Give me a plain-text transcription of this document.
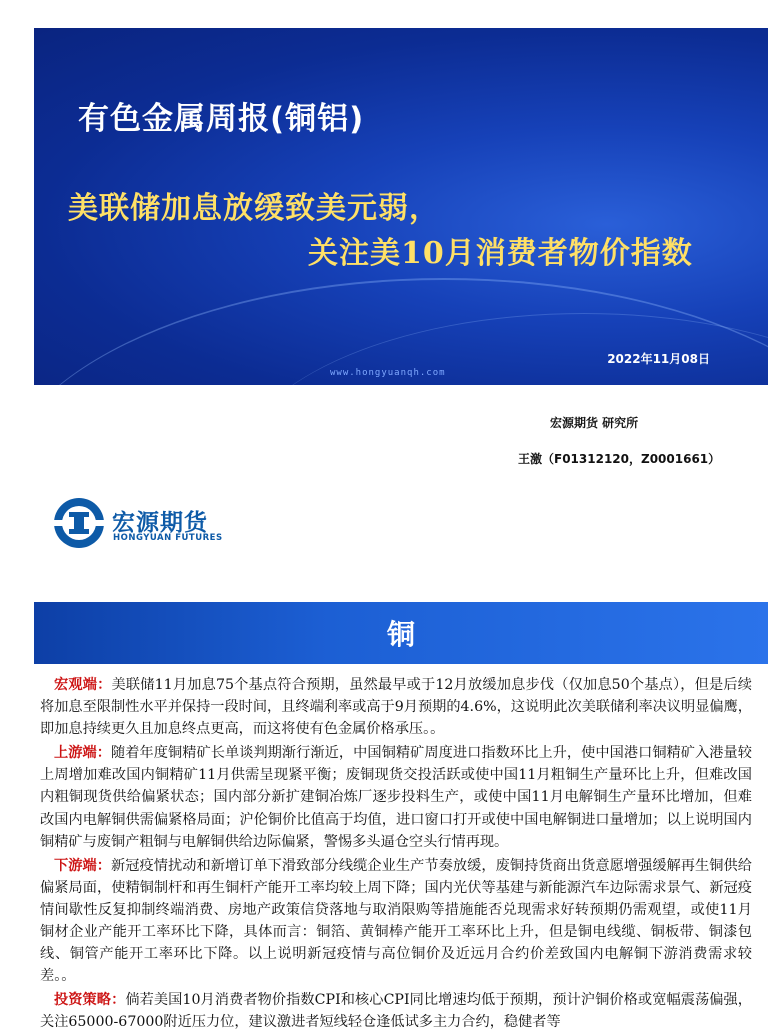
有色金属周报(铜铝)
美联储加息放缓致美元弱，
关注美10月消费者物价指数
2022年11月08日
www.hongyuanqh.com
宏源期货 研究所
王激（F01312120，Z0001661）
宏源期货
HONGYUAN FUTURES
铜

宏观端：美联储11月加息75个基点符合预期，虽然最早或于12月放缓加息步伐（仅加息50个基点），但是后续将加息至限制性水平并保持一段时间，且终端利率或高于9月预期的4.6%，这说明此次美联储利率决议明显偏鹰，即加息持续更久且加息终点更高，而这将使有色金属价格承压。。

上游端：随着年度铜精矿长单谈判期渐行渐近，中国铜精矿周度进口指数环比上升，使中国港口铜精矿入港量较上周增加难改国内铜精矿11月供需呈现紧平衡；废铜现货交投活跃或使中国11月粗铜生产量环比上升，但难改国内粗铜现货供给偏紧状态；国内部分新扩建铜冶炼厂逐步投料生产，或使中国11月电解铜生产量环比增加，但难改国内电解铜供需偏紧格局面；沪伦铜价比值高于均值，进口窗口打开或使中国电解铜进口量增加；以上说明国内铜精矿与废铜产粗铜与电解铜供给边际偏紧，警惕多头逼仓空头行情再现。

下游端：新冠疫情扰动和新增订单下滑致部分线缆企业生产节奏放缓，废铜持货商出货意愿增强缓解再生铜供给偏紧局面，使精铜制杆和再生铜杆产能开工率均较上周下降；国内光伏等基建与新能源汽车边际需求景气、新冠疫情间歇性反复抑制终端消费、房地产政策信贷落地与取消限购等措施能否兑现需求好转预期仍需观望，或使11月铜材企业产能开工率环比下降，具体而言：铜箔、黄铜棒产能开工率环比上升，但是铜电线缆、铜板带、铜漆包线、铜管产能开工率环比下降。以上说明新冠疫情与高位铜价及近远月合约价差致国内电解铜下游消费需求较差。。

投资策略：倘若美国10月消费者物价指数CPI和核心CPI同比增速均低于预期，预计沪铜价格或宽幅震荡偏强，关注65000-67000附近压力位，建议激进者短线轻仓逢低试多主力合约，稳健者等
